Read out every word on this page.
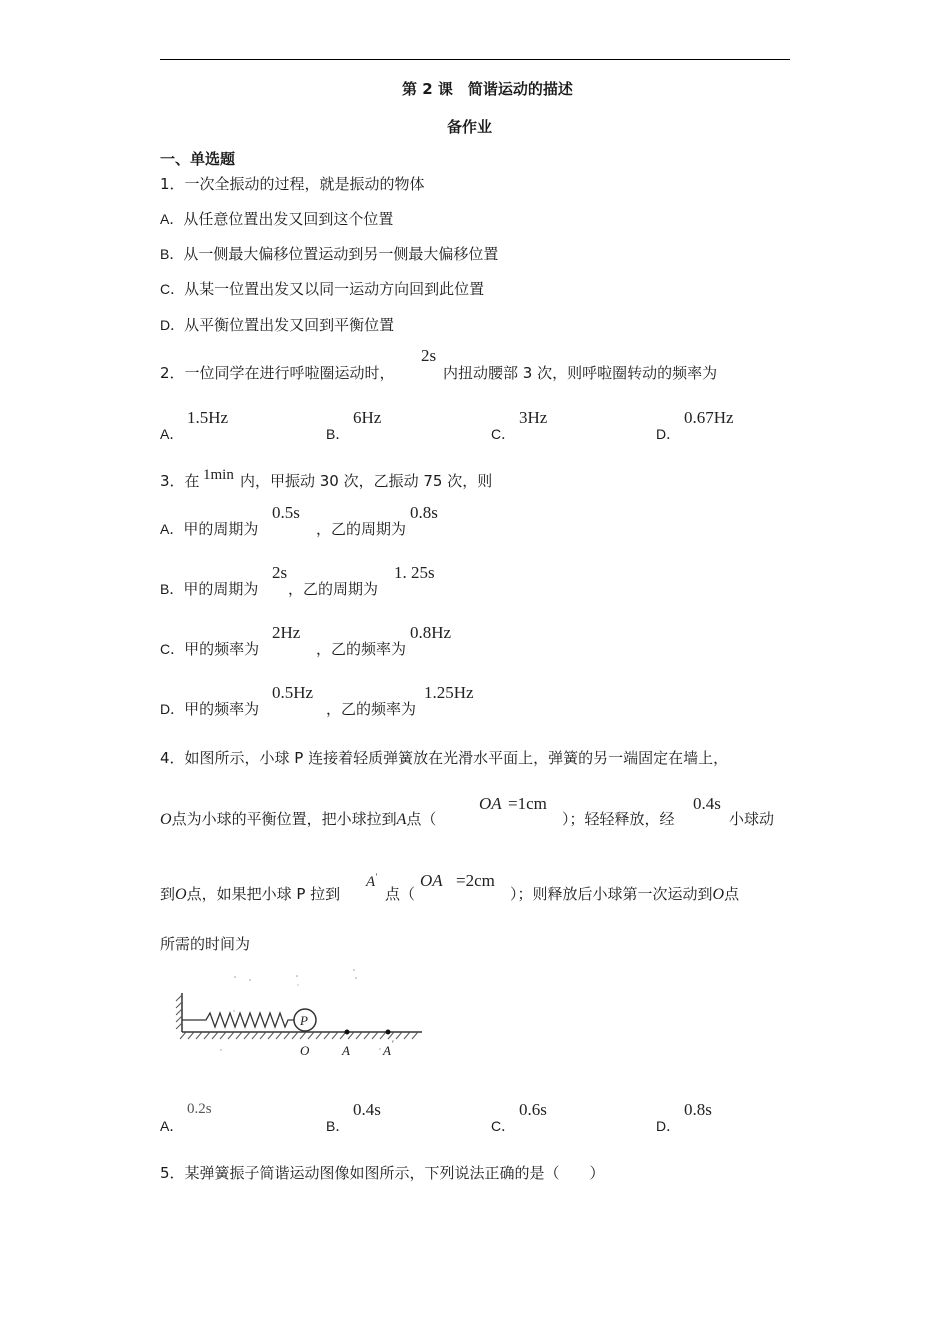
第 2 课　简谐运动的描述
备作业
一、单选题
1．一次全振动的过程，就是振动的物体
A．从任意位置出发又回到这个位置
B．从一侧最大偏移位置运动到另一侧最大偏移位置
C．从某一位置出发又以同一运动方向回到此位置
D．从平衡位置出发又回到平衡位置
2．一位同学在进行呼啦圈运动时，
2s
内扭动腰部 3 次，则呼啦圈转动的频率为
A．
1.5Hz
B．
6Hz
C．
3Hz
D．
0.67Hz
3．在 1min 内，甲振动 30 次，乙振动 75 次，则
A．甲的周期为
0.5s
，乙的周期为
0.8s
B．甲的周期为
2s
，乙的周期为
1. 25s
C．甲的频率为
2Hz
，乙的频率为
0.8Hz
D．甲的频率为
0.5Hz
，乙的频率为
1.25Hz
4．如图所示，小球 P 连接着轻质弹簧放在光滑水平面上，弹簧的另一端固定在墙上，
O点为小球的平衡位置，把小球拉到A点（
OA =1cm
）；轻轻释放，经
0.4s
小球动
到O点，如果把小球 P 拉到
A′
点（
OA =2cm
）；则释放后小球第一次运动到O点
所需的时间为
P
O	A	A ′
A．
0.2s
B．
0.4s
C．
0.6s
D．
0.8s
5．某弹簧振子简谐运动图像如图所示，下列说法正确的是（　　）
